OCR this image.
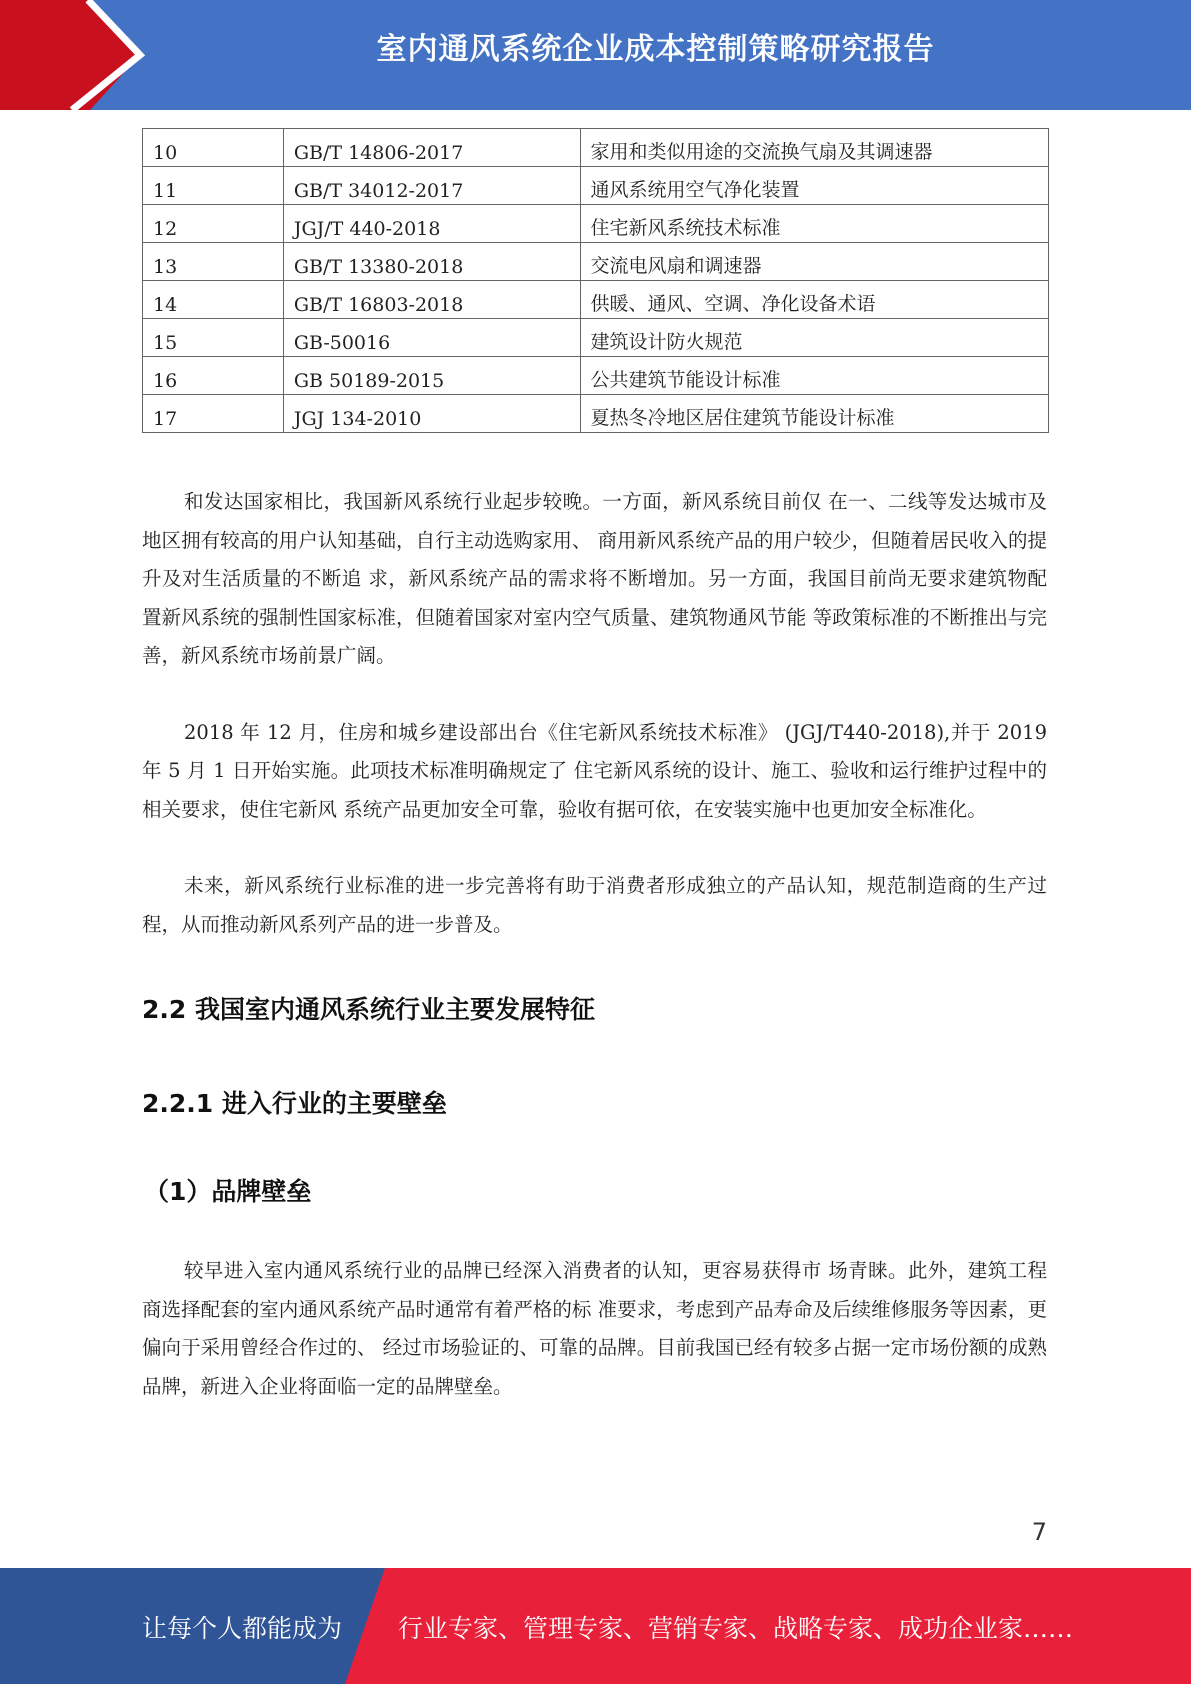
室内通风系统企业成本控制策略研究报告
10	GB/T 14806-2017	家用和类似用途的交流换气扇及其调速器
11	GB/T 34012-2017	通风系统用空气净化装置
12	JGJ/T 440-2018	住宅新风系统技术标准
13	GB/T 13380-2018	交流电风扇和调速器
14	GB/T 16803-2018	供暖、通风、空调、净化设备术语
15	GB-50016	建筑设计防火规范
16	GB 50189-2015	公共建筑节能设计标准
17	JGJ 134-2010	夏热冬冷地区居住建筑节能设计标准

和发达国家相比，我国新风系统行业起步较晚。一方面，新风系统目前仅 在一、二线等发达城市及地区拥有较高的用户认知基础，自行主动选购家用、 商用新风系统产品的用户较少，但随着居民收入的提升及对生活质量的不断追 求，新风系统产品的需求将不断增加。另一方面，我国目前尚无要求建筑物配 置新风系统的强制性国家标准，但随着国家对室内空气质量、建筑物通风节能 等政策标准的不断推出与完善，新风系统市场前景广阔。

2018 年 12 月，住房和城乡建设部出台《住宅新风系统技术标准》 (JGJ/T440-2018),并于 2019 年 5 月 1 日开始实施。此项技术标准明确规定了 住宅新风系统的设计、施工、验收和运行维护过程中的相关要求，使住宅新风 系统产品更加安全可靠，验收有据可依，在安装实施中也更加安全标准化。

未来，新风系统行业标准的进一步完善将有助于消费者形成独立的产品认知，规范制造商的生产过程，从而推动新风系列产品的进一步普及。

2.2 我国室内通风系统行业主要发展特征
2.2.1 进入行业的主要壁垒
（1）品牌壁垒

较早进入室内通风系统行业的品牌已经深入消费者的认知，更容易获得市 场青睐。此外，建筑工程商选择配套的室内通风系统产品时通常有着严格的标 准要求，考虑到产品寿命及后续维修服务等因素，更偏向于采用曾经合作过的、 经过市场验证的、可靠的品牌。目前我国已经有较多占据一定市场份额的成熟 品牌，新进入企业将面临一定的品牌壁垒。

7
让每个人都能成为 行业专家、管理专家、营销专家、战略专家、成功企业家……
